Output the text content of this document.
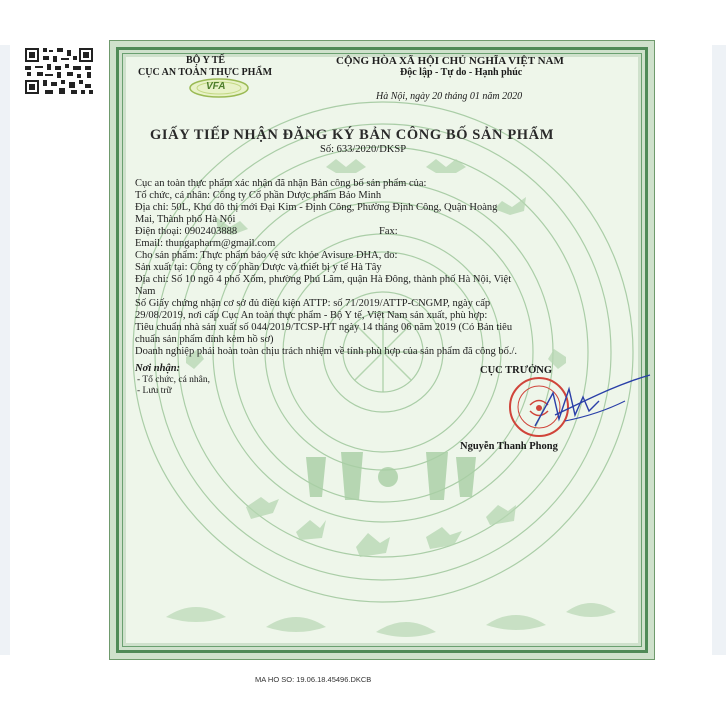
BỘ Y TẾ
CỤC AN TOÀN THỰC PHẨM
VFA
CỘNG HÒA XÃ HỘI CHỦ NGHĨA VIỆT NAM
Độc lập - Tự do - Hạnh phúc
Hà Nội, ngày 20 tháng 01 năm 2020
GIẤY TIẾP NHẬN ĐĂNG KÝ BẢN CÔNG BỐ SẢN PHẨM
Số: 633/2020/DKSP
Cục an toàn thực phẩm xác nhận đã nhận Bản công bố sản phẩm của:
Tổ chức, cá nhân: Công ty Cổ phần Dược phẩm Bảo Minh
Địa chỉ: 50L, Khu đô thị mới Đại Kim - Định Công, Phường Định Công, Quận Hoàng
Mai, Thành phố Hà Nội
Điện thoại: 0902403888	Fax:
Email: thungapharm@gmail.com
Cho sản phẩm: Thực phẩm bảo vệ sức khỏe Avisure DHA, do:
Sản xuất tại: Công ty cổ phần Dược và thiết bị y tế Hà Tây
Địa chỉ: Số 10 ngõ 4 phố Xốm, phường Phú Lãm, quận Hà Đông, thành phố Hà Nội, Việt
Nam
Số Giấy chứng nhận cơ sở đủ điều kiện ATTP: số 71/2019/ATTP-CNGMP, ngày cấp
29/08/2019, nơi cấp Cục An toàn thực phẩm - Bộ Y tế, Việt Nam sản xuất, phù hợp:
Tiêu chuẩn nhà sản xuất số 044/2019/TCSP-HT ngày 14 tháng 06 năm 2019 (Có Bản tiêu
chuẩn sản phẩm đính kèm hồ sơ)
Doanh nghiệp phải hoàn toàn chịu trách nhiệm về tính phù hợp của sản phẩm đã công bố./.
Nơi nhận:
- Tổ chức, cá nhân,
- Lưu trữ
CỤC TRƯỞNG
Nguyễn Thanh Phong
MA HO SO: 19.06.18.45496.DKCB
